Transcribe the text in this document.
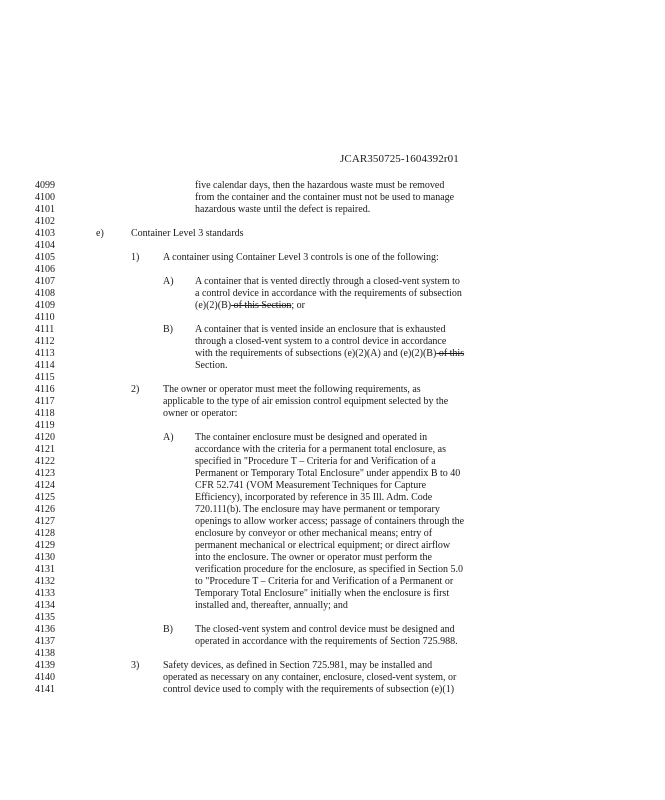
JCAR350725-1604392r01
4099
4100
4101
4102
4103
4104
4105
4106
4107
4108
4109
4110
4111
4112
4113
4114
4115
4116
4117
4118
4119
4120
4121
4122
4123
4124
4125
4126
4127
4128
4129
4130
4131
4132
4133
4134
4135
4136
4137
4138
4139
4140
4141
five calendar days, then the hazardous waste must be removed
from the container and the container must not be used to manage
hazardous waste until the defect is repaired.
e)	Container Level 3 standards
1) A container using Container Level 3 controls is one of the following:
A) A container that is vented directly through a closed-vent system to
a control device in accordance with the requirements of subsection
(e)(2)(B) of this Section; or
B) A container that is vented inside an enclosure that is exhausted
through a closed-vent system to a control device in accordance
with the requirements of subsections (e)(2)(A) and (e)(2)(B) of this
Section.
2) The owner or operator must meet the following requirements, as
applicable to the type of air emission control equipment selected by the
owner or operator:
A) The container enclosure must be designed and operated in
accordance with the criteria for a permanent total enclosure, as
specified in "Procedure T – Criteria for and Verification of a
Permanent or Temporary Total Enclosure" under appendix B to 40
CFR 52.741 (VOM Measurement Techniques for Capture
Efficiency), incorporated by reference in 35 Ill. Adm. Code
720.111(b). The enclosure may have permanent or temporary
openings to allow worker access; passage of containers through the
enclosure by conveyor or other mechanical means; entry of
permanent mechanical or electrical equipment; or direct airflow
into the enclosure. The owner or operator must perform the
verification procedure for the enclosure, as specified in Section 5.0
to "Procedure T – Criteria for and Verification of a Permanent or
Temporary Total Enclosure" initially when the enclosure is first
installed and, thereafter, annually; and
B) The closed-vent system and control device must be designed and
operated in accordance with the requirements of Section 725.988.
3) Safety devices, as defined in Section 725.981, may be installed and
operated as necessary on any container, enclosure, closed-vent system, or
control device used to comply with the requirements of subsection (e)(1)
